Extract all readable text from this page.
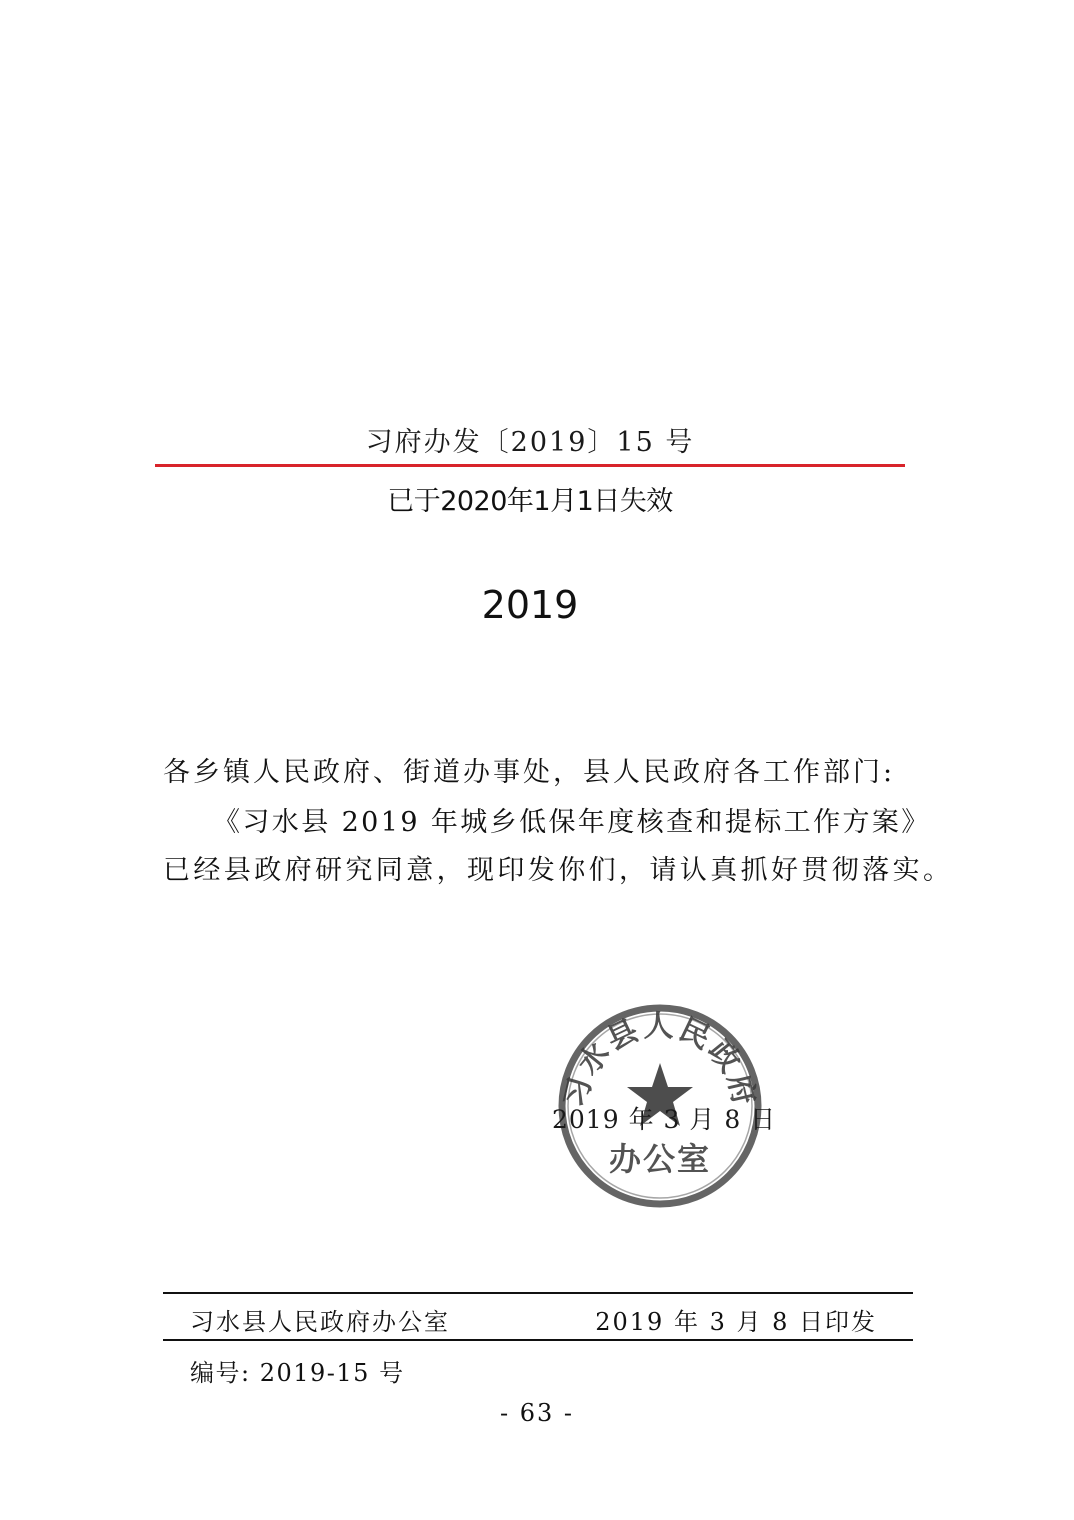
习府办发〔2019〕15 号
已于2020年1月1日失效
2019
各乡镇人民政府、街道办事处，县人民政府各工作部门:
《习水县 2019 年城乡低保年度核查和提标工作方案》
已经县政府研究同意，现印发你们，请认真抓好贯彻落实。
习水县人民政府
办公室
2019 年 3 月 8 日
习水县人民政府办公室	2019 年 3 月 8 日印发
编号: 2019-15 号
- 63 -
